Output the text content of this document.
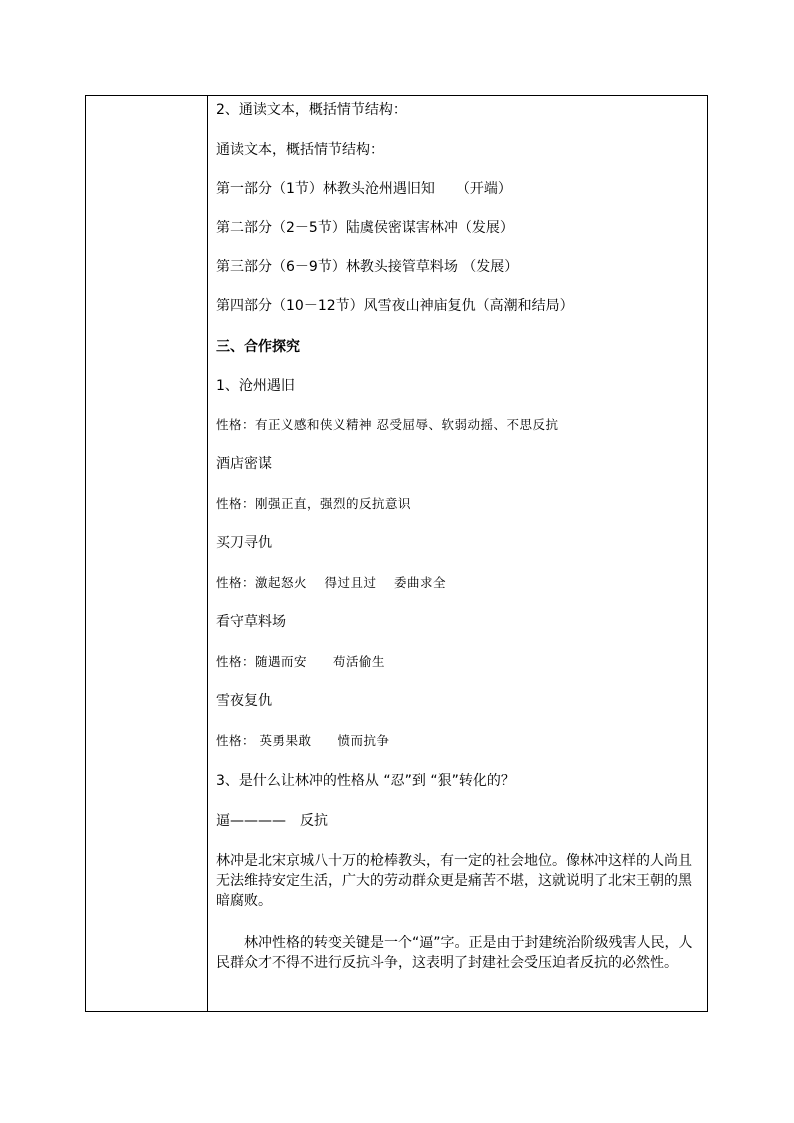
2、通读文本，概括情节结构：
通读文本，概括情节结构：
第一部分（1节）林教头沧州遇旧知　　（开端）
第二部分（2－5节）陆虞侯密谋害林冲（发展）
第三部分（6－9节）林教头接管草料场 （发展）
第四部分（10－12节）风雪夜山神庙复仇（高潮和结局）
三、合作探究
1、沧州遇旧
性格：有正义感和侠义精神 忍受屈辱、软弱动摇、不思反抗
酒店密谋
性格：刚强正直，强烈的反抗意识
买刀寻仇
性格：激起怒火　 得过且过　 委曲求全
看守草料场
性格：随遇而安　　苟活偷生
雪夜复仇
性格： 英勇果敢　　愤而抗争
3、是什么让林冲的性格从 “忍”到 “狠”转化的？
逼————　反抗
林冲是北宋京城八十万的枪棒教头，有一定的社会地位。像林冲这样的人尚且无法维持安定生活，广大的劳动群众更是痛苦不堪，这就说明了北宋王朝的黑暗腐败。
林冲性格的转变关键是一个“逼”字。正是由于封建统治阶级残害人民，人民群众才不得不进行反抗斗争，这表明了封建社会受压迫者反抗的必然性。
